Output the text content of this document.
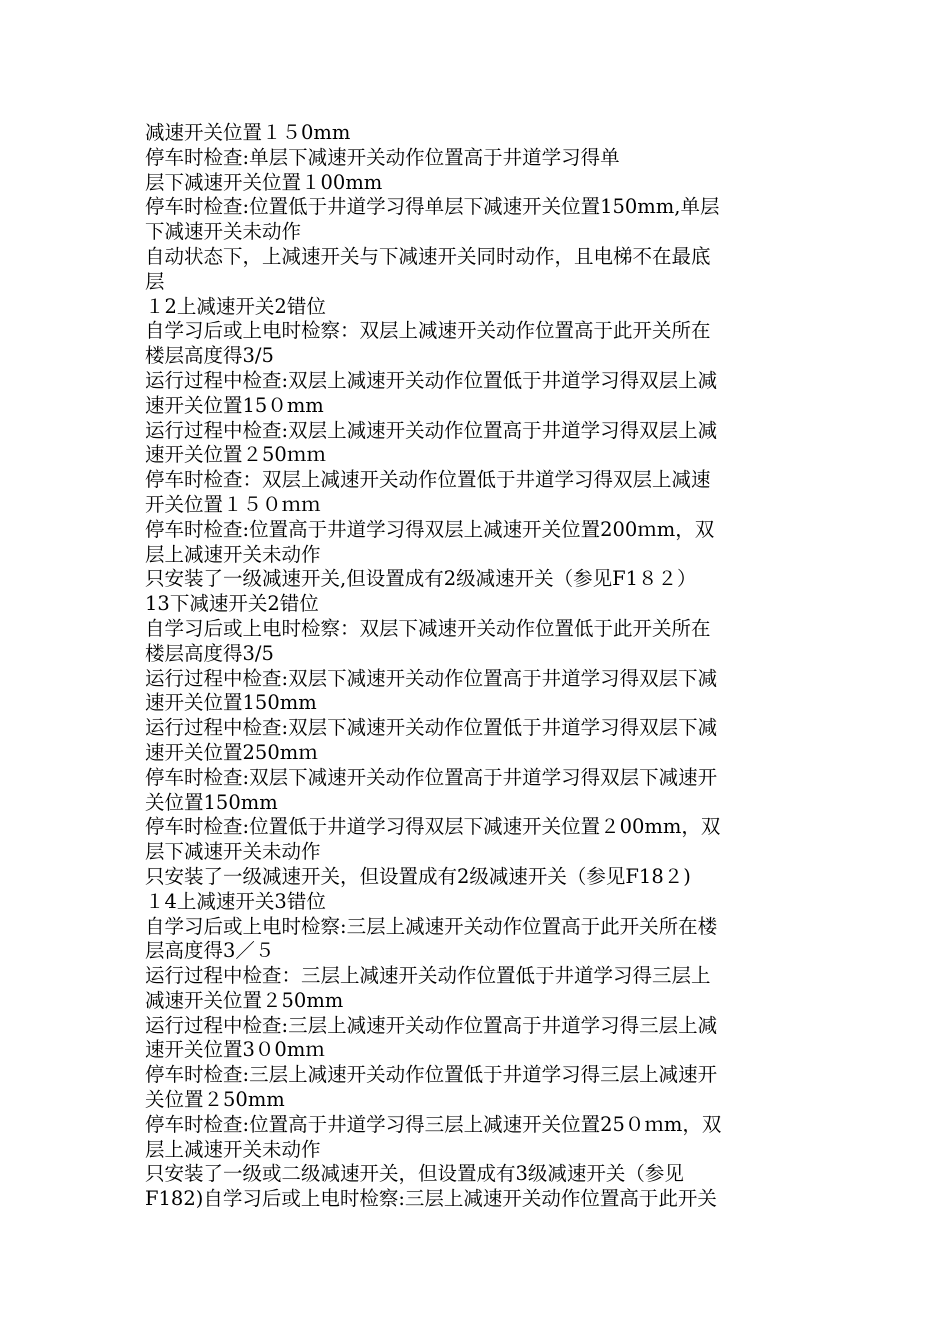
减速开关位置１５0mm
停车时检查:单层下减速开关动作位置高于井道学习得单
层下减速开关位置１00mm
停车时检查:位置低于井道学习得单层下减速开关位置150mm,单层
下减速开关未动作
自动状态下，上减速开关与下减速开关同时动作，且电梯不在最底
层
１2上减速开关2错位
自学习后或上电时检察：双层上减速开关动作位置高于此开关所在
楼层高度得3/5
运行过程中检查:双层上减速开关动作位置低于井道学习得双层上减
速开关位置15０mm
运行过程中检查:双层上减速开关动作位置高于井道学习得双层上减
速开关位置２50ｍｍ
停车时检查：双层上减速开关动作位置低于井道学习得双层上减速
开关位置１５０ｍｍ
停车时检查:位置高于井道学习得双层上减速开关位置200ｍm，双
层上减速开关未动作
只安装了一级减速开关,但设置成有2级减速开关（参见F1８２）
13下减速开关2错位
自学习后或上电时检察：双层下减速开关动作位置低于此开关所在
楼层高度得3/5
运行过程中检查:双层下减速开关动作位置高于井道学习得双层下减
速开关位置150mm
运行过程中检查:双层下减速开关动作位置低于井道学习得双层下减
速开关位置250mｍ
停车时检查:双层下减速开关动作位置高于井道学习得双层下减速开
关位置150mm
停车时检查:位置低于井道学习得双层下减速开关位置２00mm，双
层下减速开关未动作
只安装了一级减速开关，但设置成有2级减速开关（参见F18２)
１4上减速开关3错位
自学习后或上电时检察:三层上减速开关动作位置高于此开关所在楼
层高度得3／５
运行过程中检查：三层上减速开关动作位置低于井道学习得三层上
减速开关位置２50mm
运行过程中检查:三层上减速开关动作位置高于井道学习得三层上减
速开关位置3０0mｍ
停车时检查:三层上减速开关动作位置低于井道学习得三层上减速开
关位置２50mm
停车时检查:位置高于井道学习得三层上减速开关位置25０ｍm，双
层上减速开关未动作
只安装了一级或二级减速开关，但设置成有3级减速开关（参见
F182)自学习后或上电时检察:三层上减速开关动作位置高于此开关
